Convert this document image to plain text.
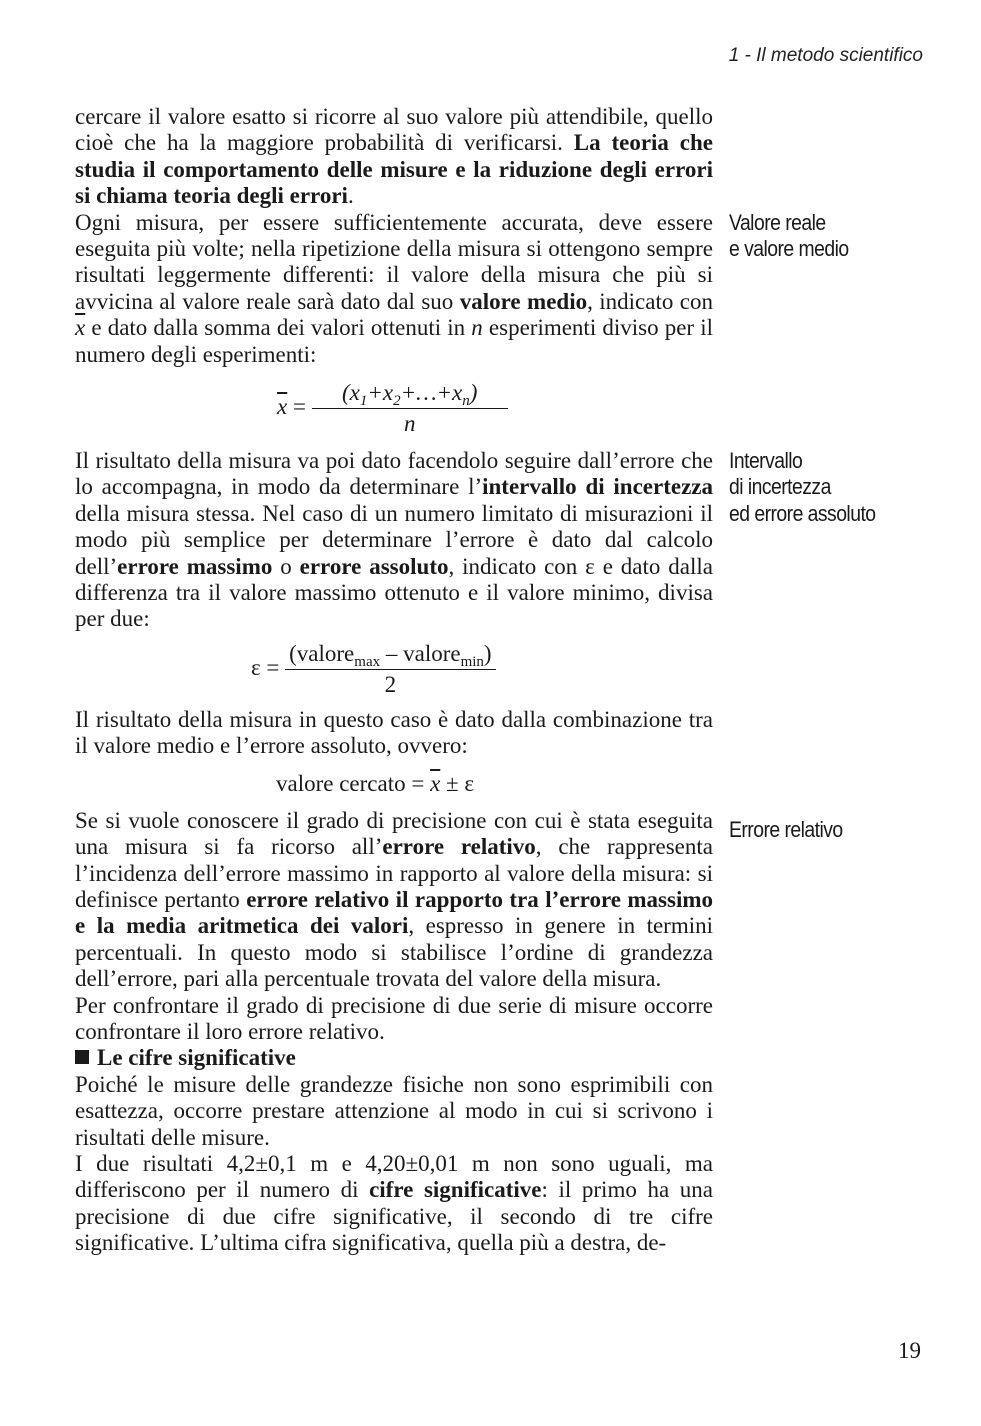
1 - Il metodo scientifico

cercare il valore esatto si ricorre al suo valore più attendibile, quello cioè che ha la maggiore probabilità di verificarsi. La teoria che studia il comportamento delle misure e la riduzione degli errori si chiama teoria degli errori.

Ogni misura, per essere sufficientemente accurata, deve essere eseguita più volte; nella ripetizione della misura si ottengono sempre risultati leggermente differenti: il valore della misura che più si avvicina al valore reale sarà dato dal suo valore medio, indicato con $\overline{x}$ e dato dalla somma dei valori ottenuti in n esperimenti diviso per il numero degli esperimenti:

$\overline{x} = \frac{(x_1+x_2+\dots+x_n)}{n}$

Il risultato della misura va poi dato facendolo seguire dall’errore che lo accompagna, in modo da determinare l’intervallo di incertezza della misura stessa. Nel caso di un numero limitato di misurazioni il modo più semplice per determinare l’errore è dato dal calcolo dell’errore massimo o errore assoluto, indicato con ε e dato dalla differenza tra il valore massimo ottenuto e il valore minimo, divisa per due:

$\varepsilon = \frac{(valore_{max} - valore_{min})}{2}$

Il risultato della misura in questo caso è dato dalla combinazione tra il valore medio e l’errore assoluto, ovvero:

valore cercato = $\overline{x} \pm \varepsilon$

Se si vuole conoscere il grado di precisione con cui è stata eseguita una misura si fa ricorso all’errore relativo, che rappresenta l’incidenza dell’errore massimo in rapporto al valore della misura: si definisce pertanto errore relativo il rapporto tra l’errore massimo e la media aritmetica dei valori, espresso in genere in termini percentuali. In questo modo si stabilisce l’ordine di grandezza dell’errore, pari alla percentuale trovata del valore della misura.

Per confrontare il grado di precisione di due serie di misure occorre confrontare il loro errore relativo.

Le cifre significative

Poiché le misure delle grandezze fisiche non sono esprimibili con esattezza, occorre prestare attenzione al modo in cui si scrivono i risultati delle misure.

I due risultati 4,2±0,1 m e 4,20±0,01 m non sono uguali, ma differiscono per il numero di cifre significative: il primo ha una precisione di due cifre significative, il secondo di tre cifre significative. L’ultima cifra significativa, quella più a destra, de-

Valore reale
e valore medio
Intervallo
di incertezza
ed errore assoluto
Errore relativo
19
